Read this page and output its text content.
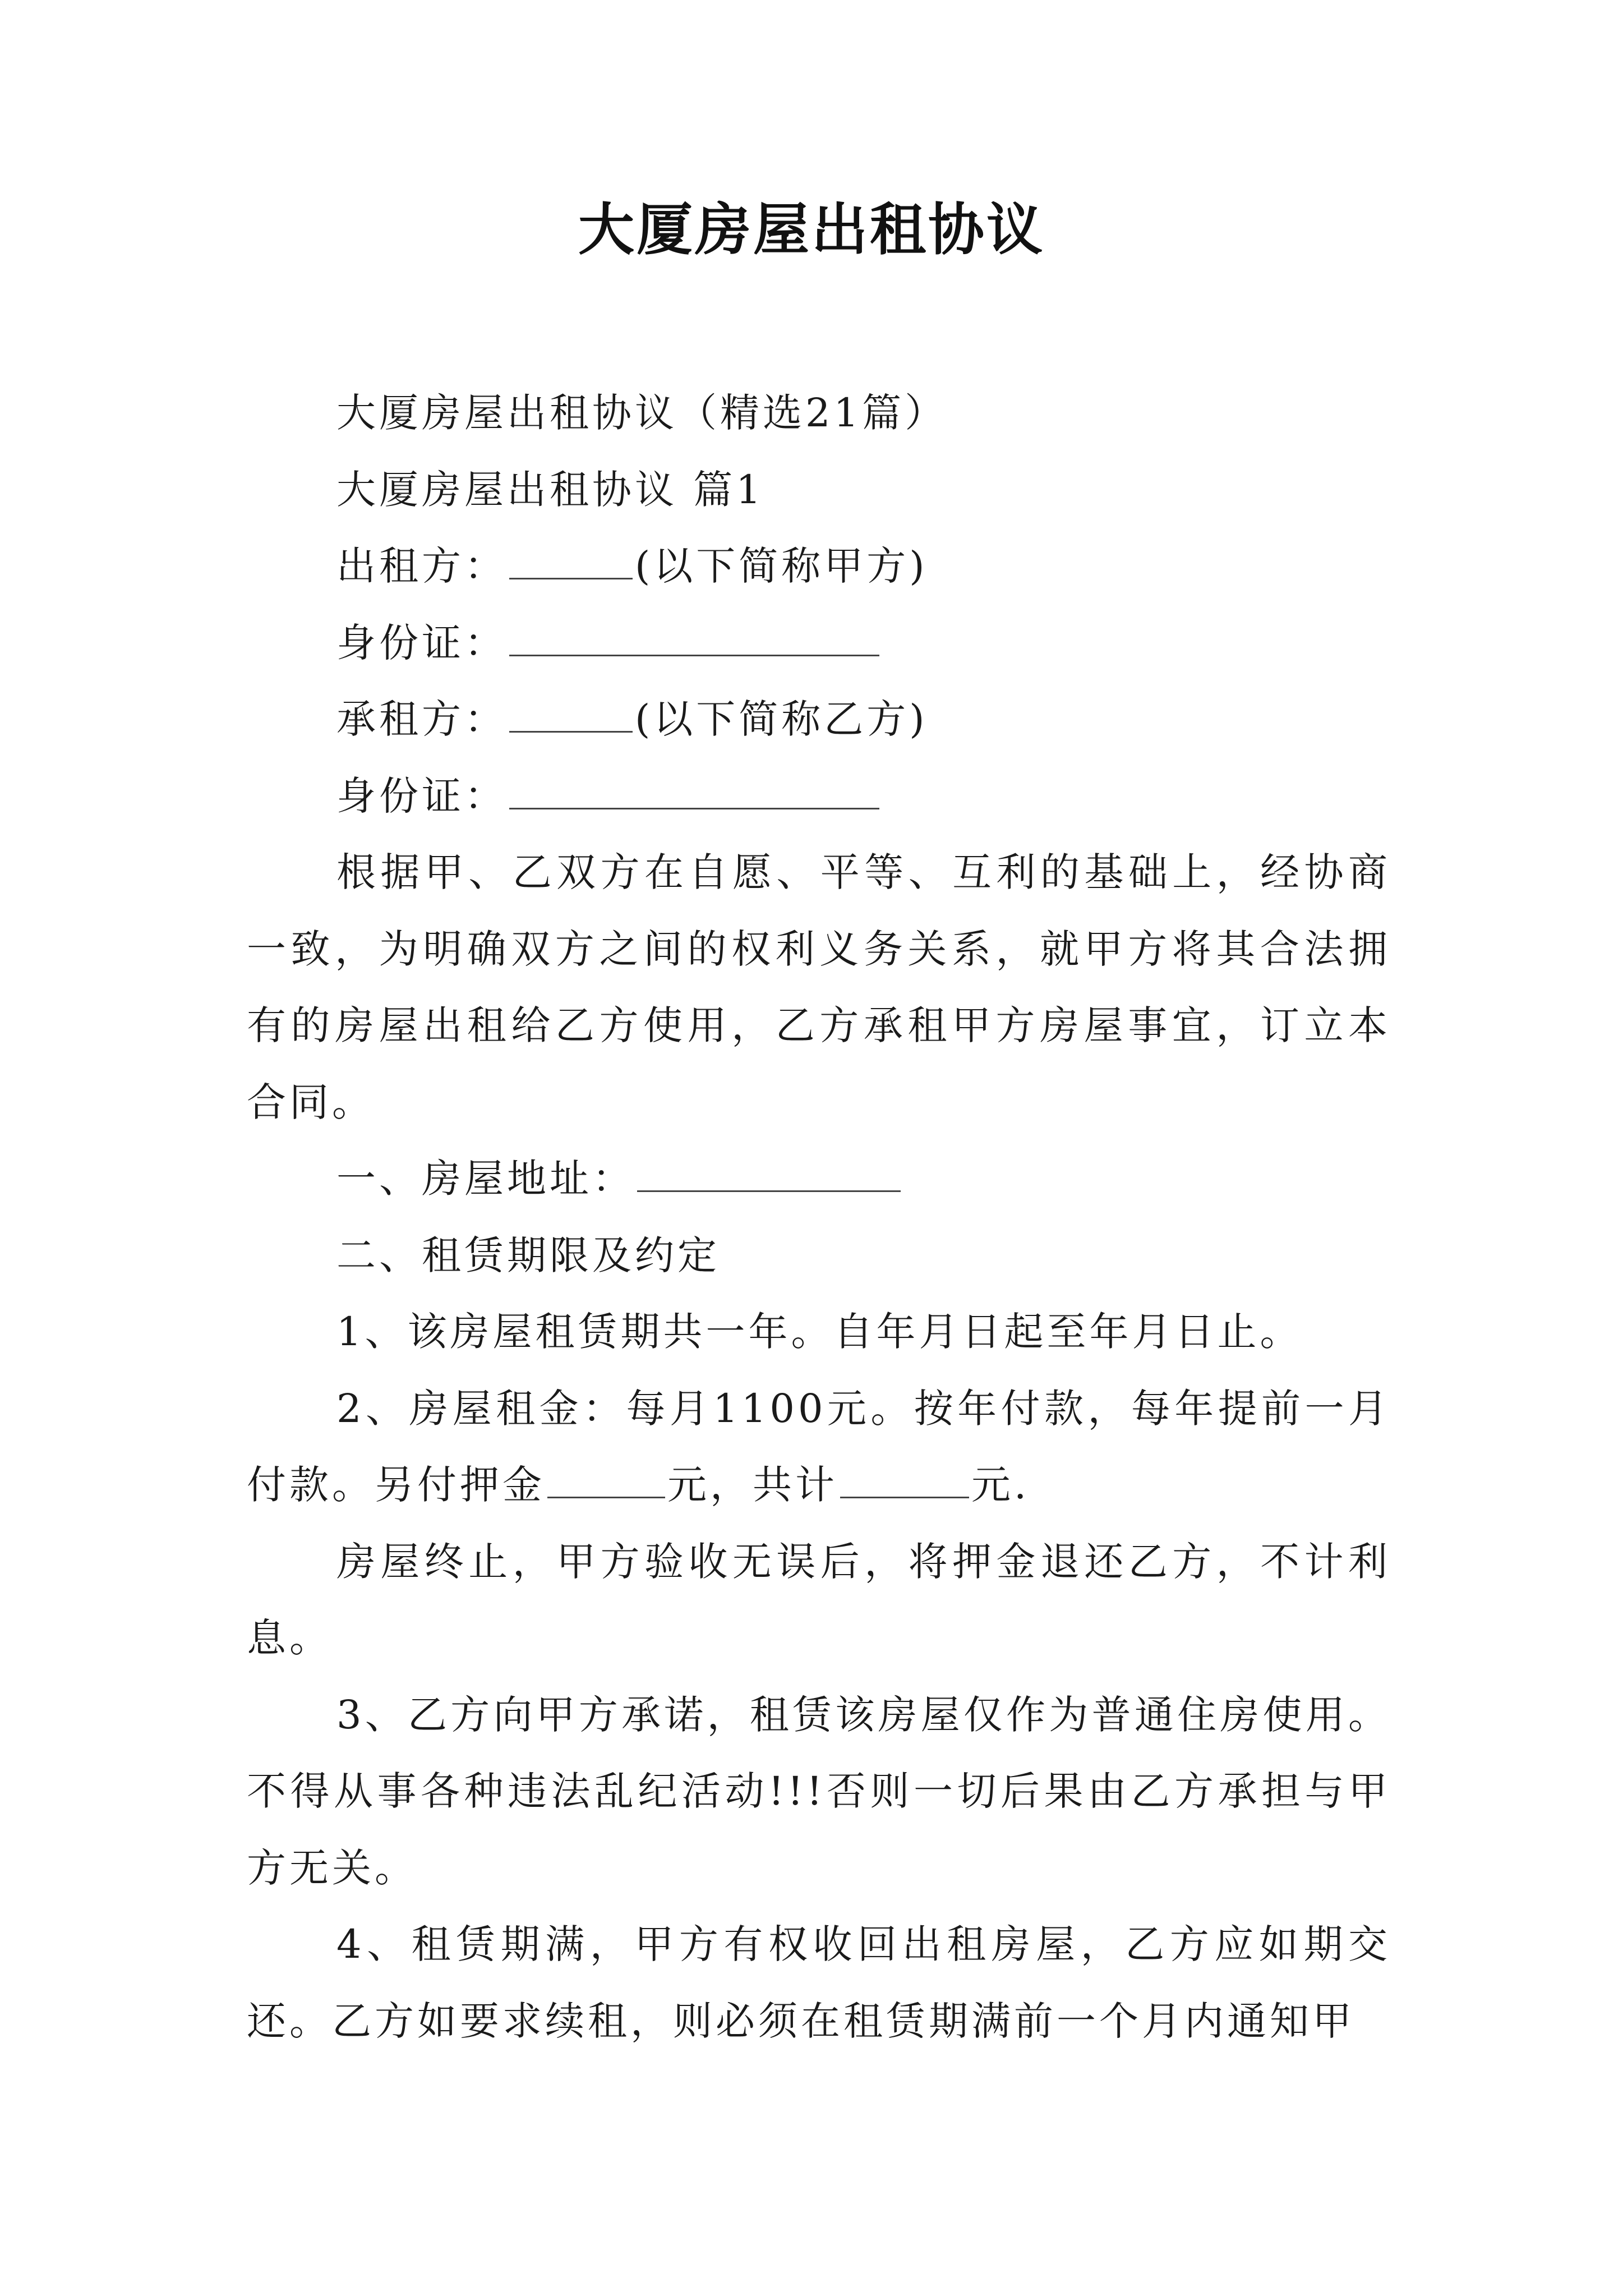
大厦房屋出租协议

大厦房屋出租协议（精选21篇）

大厦房屋出租协议 篇1

出租方：	(以下简称甲方)

身份证：

承租方：	(以下简称乙方)

身份证：

根据甲、乙双方在自愿、平等、互利的基础上，经协商一致，为明确双方之间的权利义务关系，就甲方将其合法拥有的房屋出租给乙方使用，乙方承租甲方房屋事宜，订立本合同。

一、房屋地址：

二、租赁期限及约定

1、该房屋租赁期共一年。自年月日起至年月日止。

2、房屋租金：每月1100元。按年付款，每年提前一月付款。另付押金	元，共计	元.

房屋终止，甲方验收无误后，将押金退还乙方，不计利息。

3、乙方向甲方承诺，租赁该房屋仅作为普通住房使用。不得从事各种违法乱纪活动!!!否则一切后果由乙方承担与甲方无关。

4、租赁期满，甲方有权收回出租房屋，乙方应如期交还。乙方如要求续租，则必须在租赁期满前一个月内通知甲
